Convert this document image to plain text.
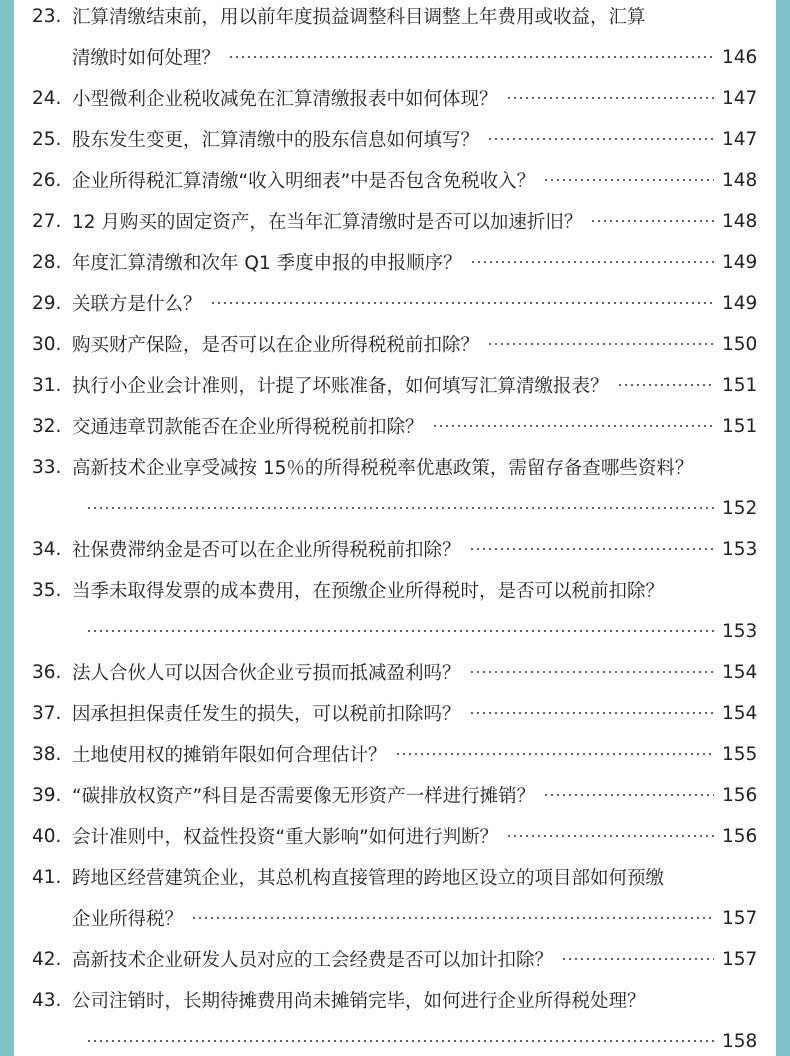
23. 汇算清缴结束前，用以前年度损益调整科目调整上年费用或收益，汇算
清缴时如何处理？	146
24. 小型微利企业税收减免在汇算清缴报表中如何体现？	147
25. 股东发生变更，汇算清缴中的股东信息如何填写？	147
26. 企业所得税汇算清缴“收入明细表”中是否包含免税收入？	148
27. 12 月购买的固定资产，在当年汇算清缴时是否可以加速折旧？	148
28. 年度汇算清缴和次年 Q1 季度申报的申报顺序？	149
29. 关联方是什么？	149
30. 购买财产保险，是否可以在企业所得税税前扣除？	150
31. 执行小企业会计准则，计提了坏账准备，如何填写汇算清缴报表？	151
32. 交通违章罚款能否在企业所得税税前扣除？	151
33. 高新技术企业享受减按 15％的所得税税率优惠政策，需留存备查哪些资料？
152
34. 社保费滞纳金是否可以在企业所得税税前扣除？	153
35. 当季未取得发票的成本费用，在预缴企业所得税时，是否可以税前扣除？
153
36. 法人合伙人可以因合伙企业亏损而抵减盈利吗？	154
37. 因承担担保责任发生的损失，可以税前扣除吗？	154
38. 土地使用权的摊销年限如何合理估计？	155
39. “碳排放权资产”科目是否需要像无形资产一样进行摊销？	156
40. 会计准则中，权益性投资“重大影响”如何进行判断？	156
41. 跨地区经营建筑企业，其总机构直接管理的跨地区设立的项目部如何预缴
企业所得税？	157
42. 高新技术企业研发人员对应的工会经费是否可以加计扣除？	157
43. 公司注销时，长期待摊费用尚未摊销完毕，如何进行企业所得税处理？
158
